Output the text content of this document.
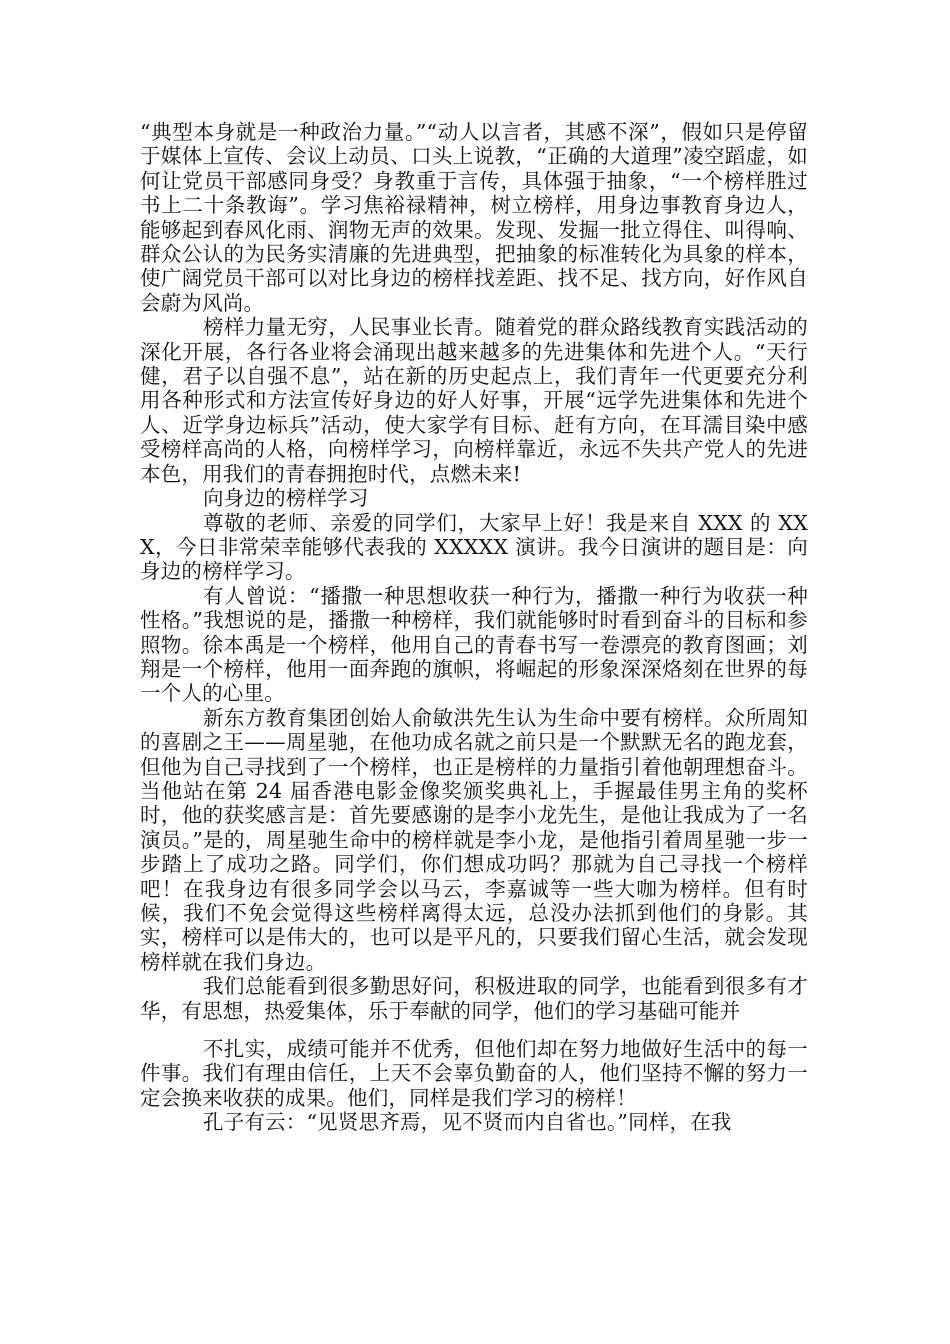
“典型本身就是一种政治力量。”“动人以言者，其感不深”，假如只是停留于媒体上宣传、会议上动员、口头上说教，“正确的大道理”凌空蹈虚，如何让党员干部感同身受？身教重于言传，具体强于抽象，“一个榜样胜过书上二十条教诲”。学习焦裕禄精神，树立榜样，用身边事教育身边人，能够起到春风化雨、润物无声的效果。发现、发掘一批立得住、叫得响、群众公认的为民务实清廉的先进典型，把抽象的标准转化为具象的样本，使广阔党员干部可以对比身边的榜样找差距、找不足、找方向，好作风自会蔚为风尚。

榜样力量无穷，人民事业长青。随着党的群众路线教育实践活动的深化开展，各行各业将会涌现出越来越多的先进集体和先进个人。“天行健，君子以自强不息”，站在新的历史起点上，我们青年一代更要充分利用各种形式和方法宣传好身边的好人好事，开展“远学先进集体和先进个人、近学身边标兵”活动，使大家学有目标、赶有方向，在耳濡目染中感受榜样高尚的人格，向榜样学习，向榜样靠近，永远不失共产党人的先进本色，用我们的青春拥抱时代，点燃未来!

向身边的榜样学习

尊敬的老师、亲爱的同学们，大家早上好！我是来自 XXX 的 XXX，今日非常荣幸能够代表我的 XXXXX 演讲。我今日演讲的题目是：向身边的榜样学习。

有人曾说：“播撒一种思想收获一种行为，播撒一种行为收获一种性格。”我想说的是，播撒一种榜样，我们就能够时时看到奋斗的目标和参照物。徐本禹是一个榜样，他用自己的青春书写一卷漂亮的教育图画；刘翔是一个榜样，他用一面奔跑的旗帜，将崛起的形象深深烙刻在世界的每一个人的心里。

新东方教育集团创始人俞敏洪先生认为生命中要有榜样。众所周知的喜剧之王——周星驰，在他功成名就之前只是一个默默无名的跑龙套，但他为自己寻找到了一个榜样，也正是榜样的力量指引着他朝理想奋斗。当他站在第 24 届香港电影金像奖颁奖典礼上，手握最佳男主角的奖杯时，他的获奖感言是：首先要感谢的是李小龙先生，是他让我成为了一名演员。”是的，周星驰生命中的榜样就是李小龙，是他指引着周星驰一步一步踏上了成功之路。同学们，你们想成功吗？那就为自己寻找一个榜样吧！在我身边有很多同学会以马云，李嘉诚等一些大咖为榜样。但有时候，我们不免会觉得这些榜样离得太远，总没办法抓到他们的身影。其实，榜样可以是伟大的，也可以是平凡的，只要我们留心生活，就会发现榜样就在我们身边。

我们总能看到很多勤思好问，积极进取的同学，也能看到很多有才华，有思想，热爱集体，乐于奉献的同学，他们的学习基础可能并

不扎实，成绩可能并不优秀，但他们却在努力地做好生活中的每一件事。我们有理由信任，上天不会辜负勤奋的人，他们坚持不懈的努力一定会换来收获的成果。他们，同样是我们学习的榜样！

孔子有云：“见贤思齐焉，见不贤而内自省也。”同样，在我
